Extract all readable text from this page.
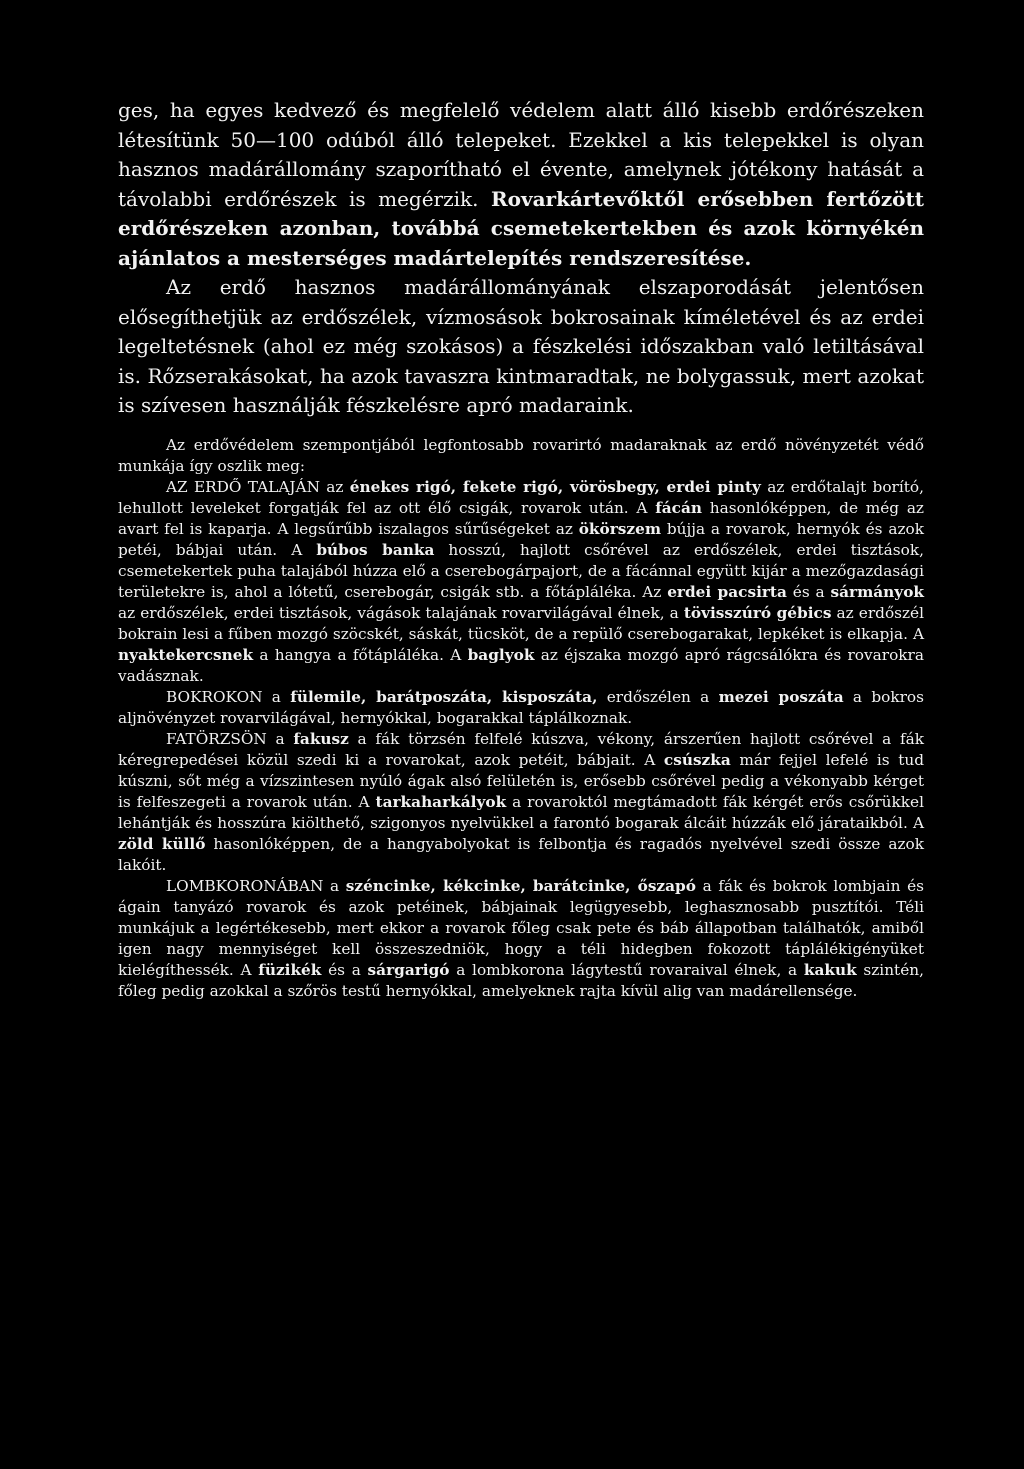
ges, ha egyes kedvező és megfelelő védelem alatt álló kisebb erdőrészeken létesítünk 50—100 odúból álló telepeket. Ezekkel a kis telepekkel is olyan hasznos madárállomány szaporítható el évente, amelynek jótékony hatását a távolabbi erdőrészek is megérzik. Rovarkártevőktől erősebben fertőzött erdőrészeken azonban, továbbá csemetekertekben és azok környékén ajánlatos a mesterséges madártelepítés rendszeresítése.

Az erdő hasznos madárállományának elszaporodását jelentősen elősegíthetjük az erdőszélek, vízmosások bokrosainak kíméletével és az erdei legeltetésnek (ahol ez még szokásos) a fészkelési időszakban való letiltásával is. Rőzserakásokat, ha azok tavaszra kintmaradtak, ne bolygassuk, mert azokat is szívesen használják fészkelésre apró madaraink.

Az erdővédelem szempontjából legfontosabb rovarirtó madaraknak az erdő növényzetét védő munkája így oszlik meg:

AZ ERDŐ TALAJÁN az énekes rigó, fekete rigó, vörösbegy, erdei pinty az erdőtalajt borító, lehullott leveleket forgatják fel az ott élő csigák, rovarok után. A fácán hasonlóképpen, de még az avart fel is kaparja. A legsűrűbb iszalagos sűrűségeket az ökörszem bújja a rovarok, hernyók és azok petéi, bábjai után. A búbos banka hosszú, hajlott csőrével az erdőszélek, erdei tisztások, csemetekertek puha talajából húzza elő a cserebogárpajort, de a fácánnal együtt kijár a mezőgazdasági területekre is, ahol a lótetű, cserebogár, csigák stb. a főtápláléka. Az erdei pacsirta és a sármányok az erdőszélek, erdei tisztások, vágások talajának rovarvilágával élnek, a tövisszúró gébics az erdőszél bokrain lesi a fűben mozgó szöcskét, sáskát, tücsköt, de a repülő cserebogarakat, lepkéket is elkapja. A nyaktekercsnek a hangya a főtápláléka. A baglyok az éjszaka mozgó apró rágcsálókra és rovarokra vadásznak.

BOKROKON a fülemile, barátposzáta, kisposzáta, erdőszélen a mezei poszáta a bokros aljnövényzet rovarvilágával, hernyókkal, bogarakkal táplálkoznak.

FATÖRZSÖN a fakusz a fák törzsén felfelé kúszva, vékony, árszerűen hajlott csőrével a fák kéregrepedései közül szedi ki a rovarokat, azok petéit, bábjait. A csúszka már fejjel lefelé is tud kúszni, sőt még a vízszintesen nyúló ágak alsó felületén is, erősebb csőrével pedig a vékonyabb kérget is felfeszegeti a rovarok után. A tarkaharkályok a rovaroktól megtámadott fák kérgét erős csőrükkel lehántják és hosszúra kiölthető, szigonyos nyelvükkel a farontó bogarak álcáit húzzák elő járataikból. A zöld küllő hasonlóképpen, de a hangyabolyokat is felbontja és ragadós nyelvével szedi össze azok lakóit.

LOMBKORONÁBAN a széncinke, kékcinke, barátcinke, őszapó a fák és bokrok lombjain és ágain tanyázó rovarok és azok petéinek, bábjainak legügyesebb, leghasznosabb pusztítói. Téli munkájuk a legértékesebb, mert ekkor a rovarok főleg csak pete és báb állapotban találhatók, amiből igen nagy mennyiséget kell összeszedniök, hogy a téli hidegben fokozott táplálékigényüket kielégíthessék. A füzikék és a sárgarigó a lombkorona lágytestű rovaraival élnek, a kakuk szintén, főleg pedig azokkal a szőrös testű hernyókkal, amelyeknek rajta kívül alig van madárellensége.
